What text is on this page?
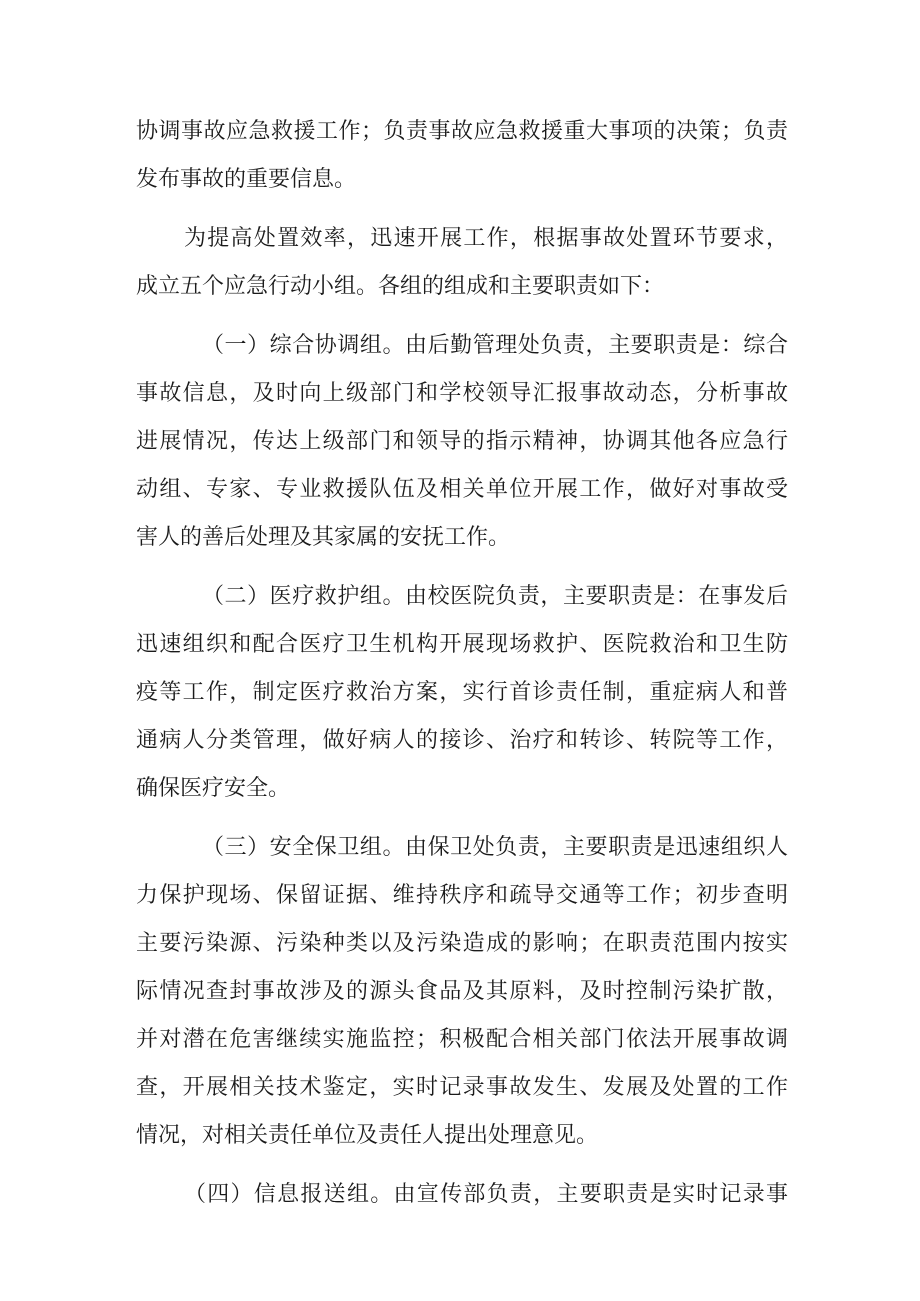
协调事故应急救援工作；负责事故应急救援重大事项的决策；负责
发布事故的重要信息。
为提高处置效率，迅速开展工作，根据事故处置环节要求，
成立五个应急行动小组。各组的组成和主要职责如下：
（一）综合协调组。由后勤管理处负责，主要职责是：综合
事故信息，及时向上级部门和学校领导汇报事故动态，分析事故
进展情况，传达上级部门和领导的指示精神，协调其他各应急行
动组、专家、专业救援队伍及相关单位开展工作，做好对事故受
害人的善后处理及其家属的安抚工作。
（二）医疗救护组。由校医院负责，主要职责是：在事发后
迅速组织和配合医疗卫生机构开展现场救护、医院救治和卫生防
疫等工作，制定医疗救治方案，实行首诊责任制，重症病人和普
通病人分类管理，做好病人的接诊、治疗和转诊、转院等工作，
确保医疗安全。
（三）安全保卫组。由保卫处负责，主要职责是迅速组织人
力保护现场、保留证据、维持秩序和疏导交通等工作；初步查明
主要污染源、污染种类以及污染造成的影响；在职责范围内按实
际情况查封事故涉及的源头食品及其原料，及时控制污染扩散，
并对潜在危害继续实施监控；积极配合相关部门依法开展事故调
查，开展相关技术鉴定，实时记录事故发生、发展及处置的工作
情况，对相关责任单位及责任人提出处理意见。
（四）信息报送组。由宣传部负责，主要职责是实时记录事
